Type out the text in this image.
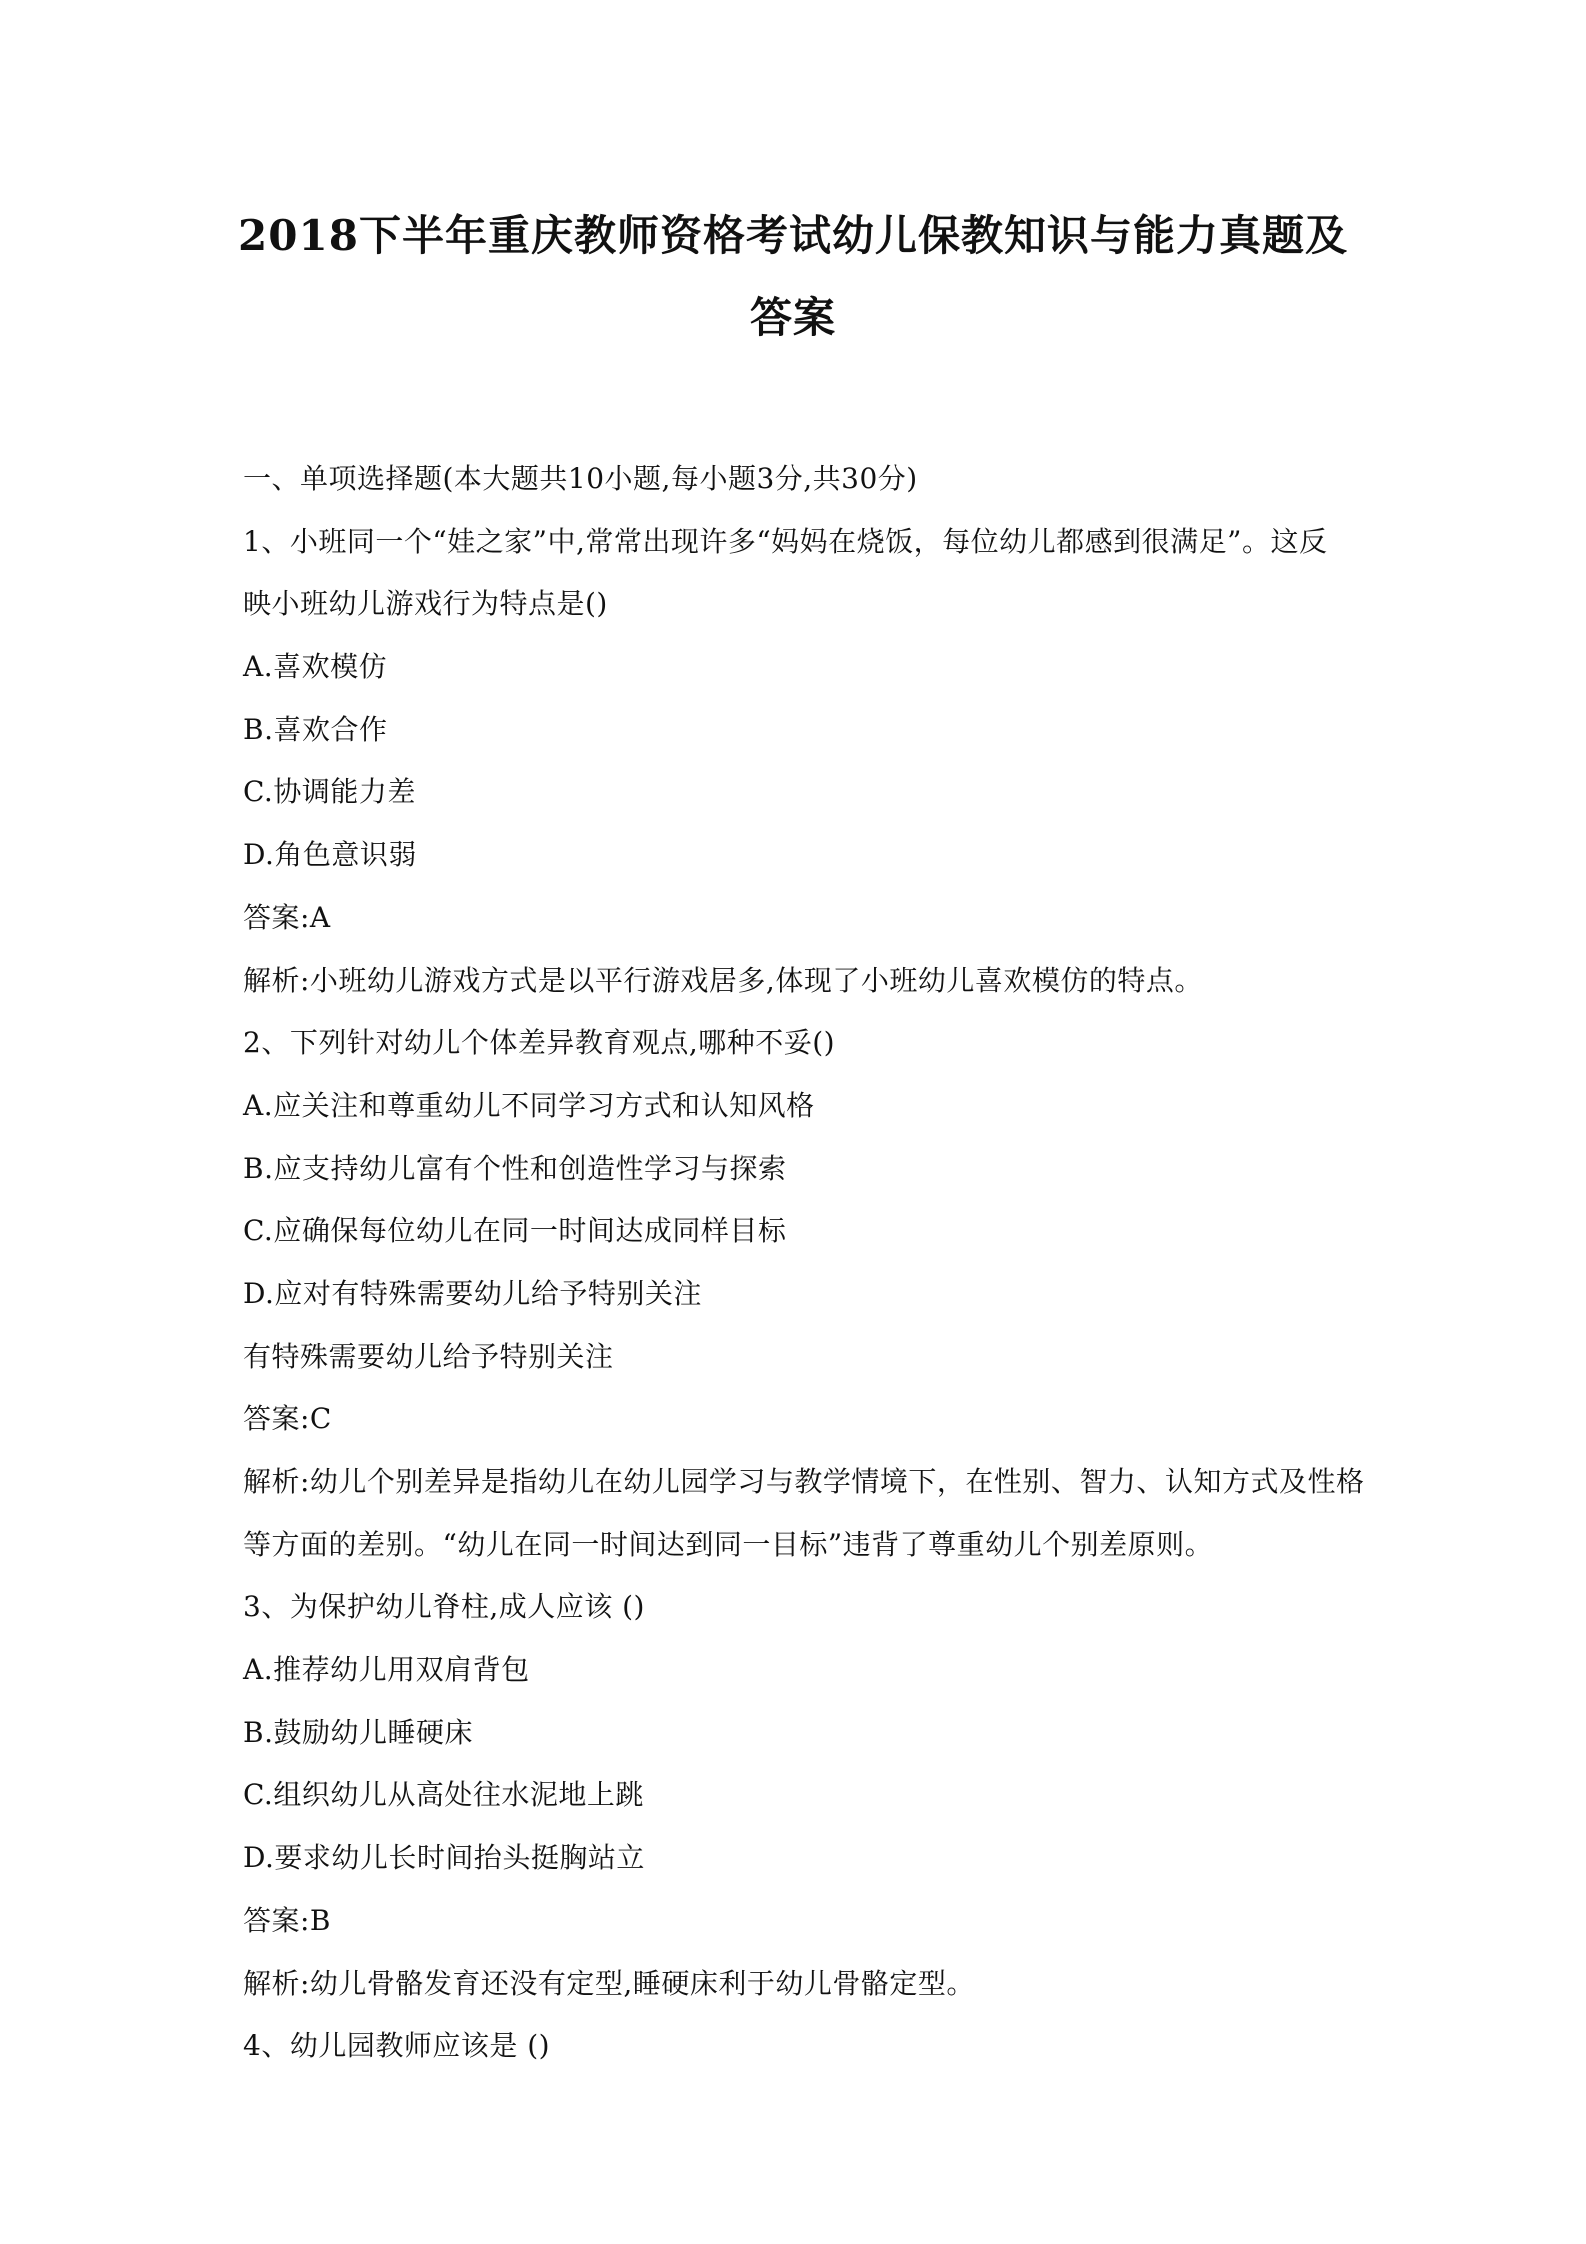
2018下半年重庆教师资格考试幼儿保教知识与能力真题及
答案
一、单项选择题(本大题共10小题,每小题3分,共30分)
1、小班同一个“娃之家”中,常常出现许多“妈妈在烧饭，每位幼儿都感到很满足”。这反
映小班幼儿游戏行为特点是()
A.喜欢模仿
B.喜欢合作
C.协调能力差
D.角色意识弱
答案:A
解析:小班幼儿游戏方式是以平行游戏居多,体现了小班幼儿喜欢模仿的特点。
2、下列针对幼儿个体差异教育观点,哪种不妥()
A.应关注和尊重幼儿不同学习方式和认知风格
B.应支持幼儿富有个性和创造性学习与探索
C.应确保每位幼儿在同一时间达成同样目标
D.应对有特殊需要幼儿给予特别关注
有特殊需要幼儿给予特别关注
答案:C
解析:幼儿个别差异是指幼儿在幼儿园学习与教学情境下，在性别、智力、认知方式及性格
等方面的差别。“幼儿在同一时间达到同一目标”违背了尊重幼儿个别差原则。
3、为保护幼儿脊柱,成人应该 ()
A.推荐幼儿用双肩背包
B.鼓励幼儿睡硬床
C.组织幼儿从高处往水泥地上跳
D.要求幼儿长时间抬头挺胸站立
答案:B
解析:幼儿骨骼发育还没有定型,睡硬床利于幼儿骨骼定型。
4、幼儿园教师应该是 ()
